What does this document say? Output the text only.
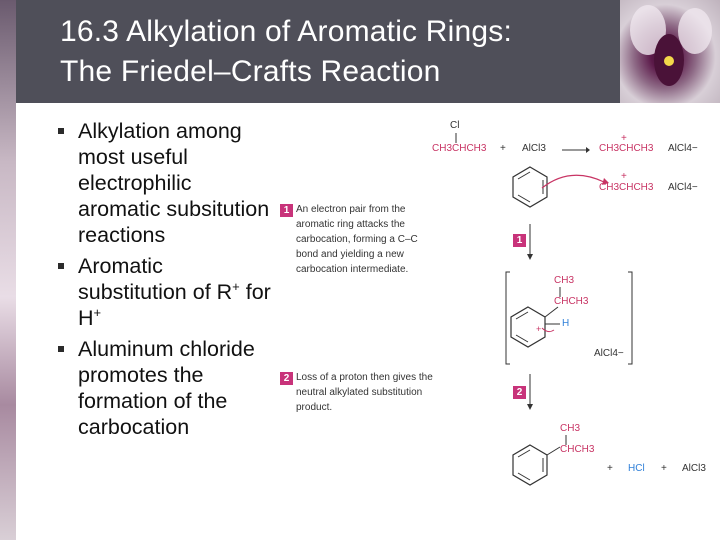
16.3 Alkylation of Aromatic Rings:
The Friedel–Crafts Reaction
Alkylation among most useful electrophilic aromatic subsitution reactions
Aromatic substitution of R+ for H+
Aluminum chloride promotes the formation of the carbocation
Cl
CH3CHCH3 + AlCl3 →
+
CH3CHCH3 AlCl4−
+
CH3CHCH3 AlCl4−
1 An electron pair from the aromatic ring attacks the carbocation, forming a C–C bond and yielding a new carbocation intermediate.
1
CH3
CHCH3
+ H
AlCl4−
2 Loss of a proton then gives the neutral alkylated substitution product.
2
CH3
CHCH3
+ HCl + AlCl3
